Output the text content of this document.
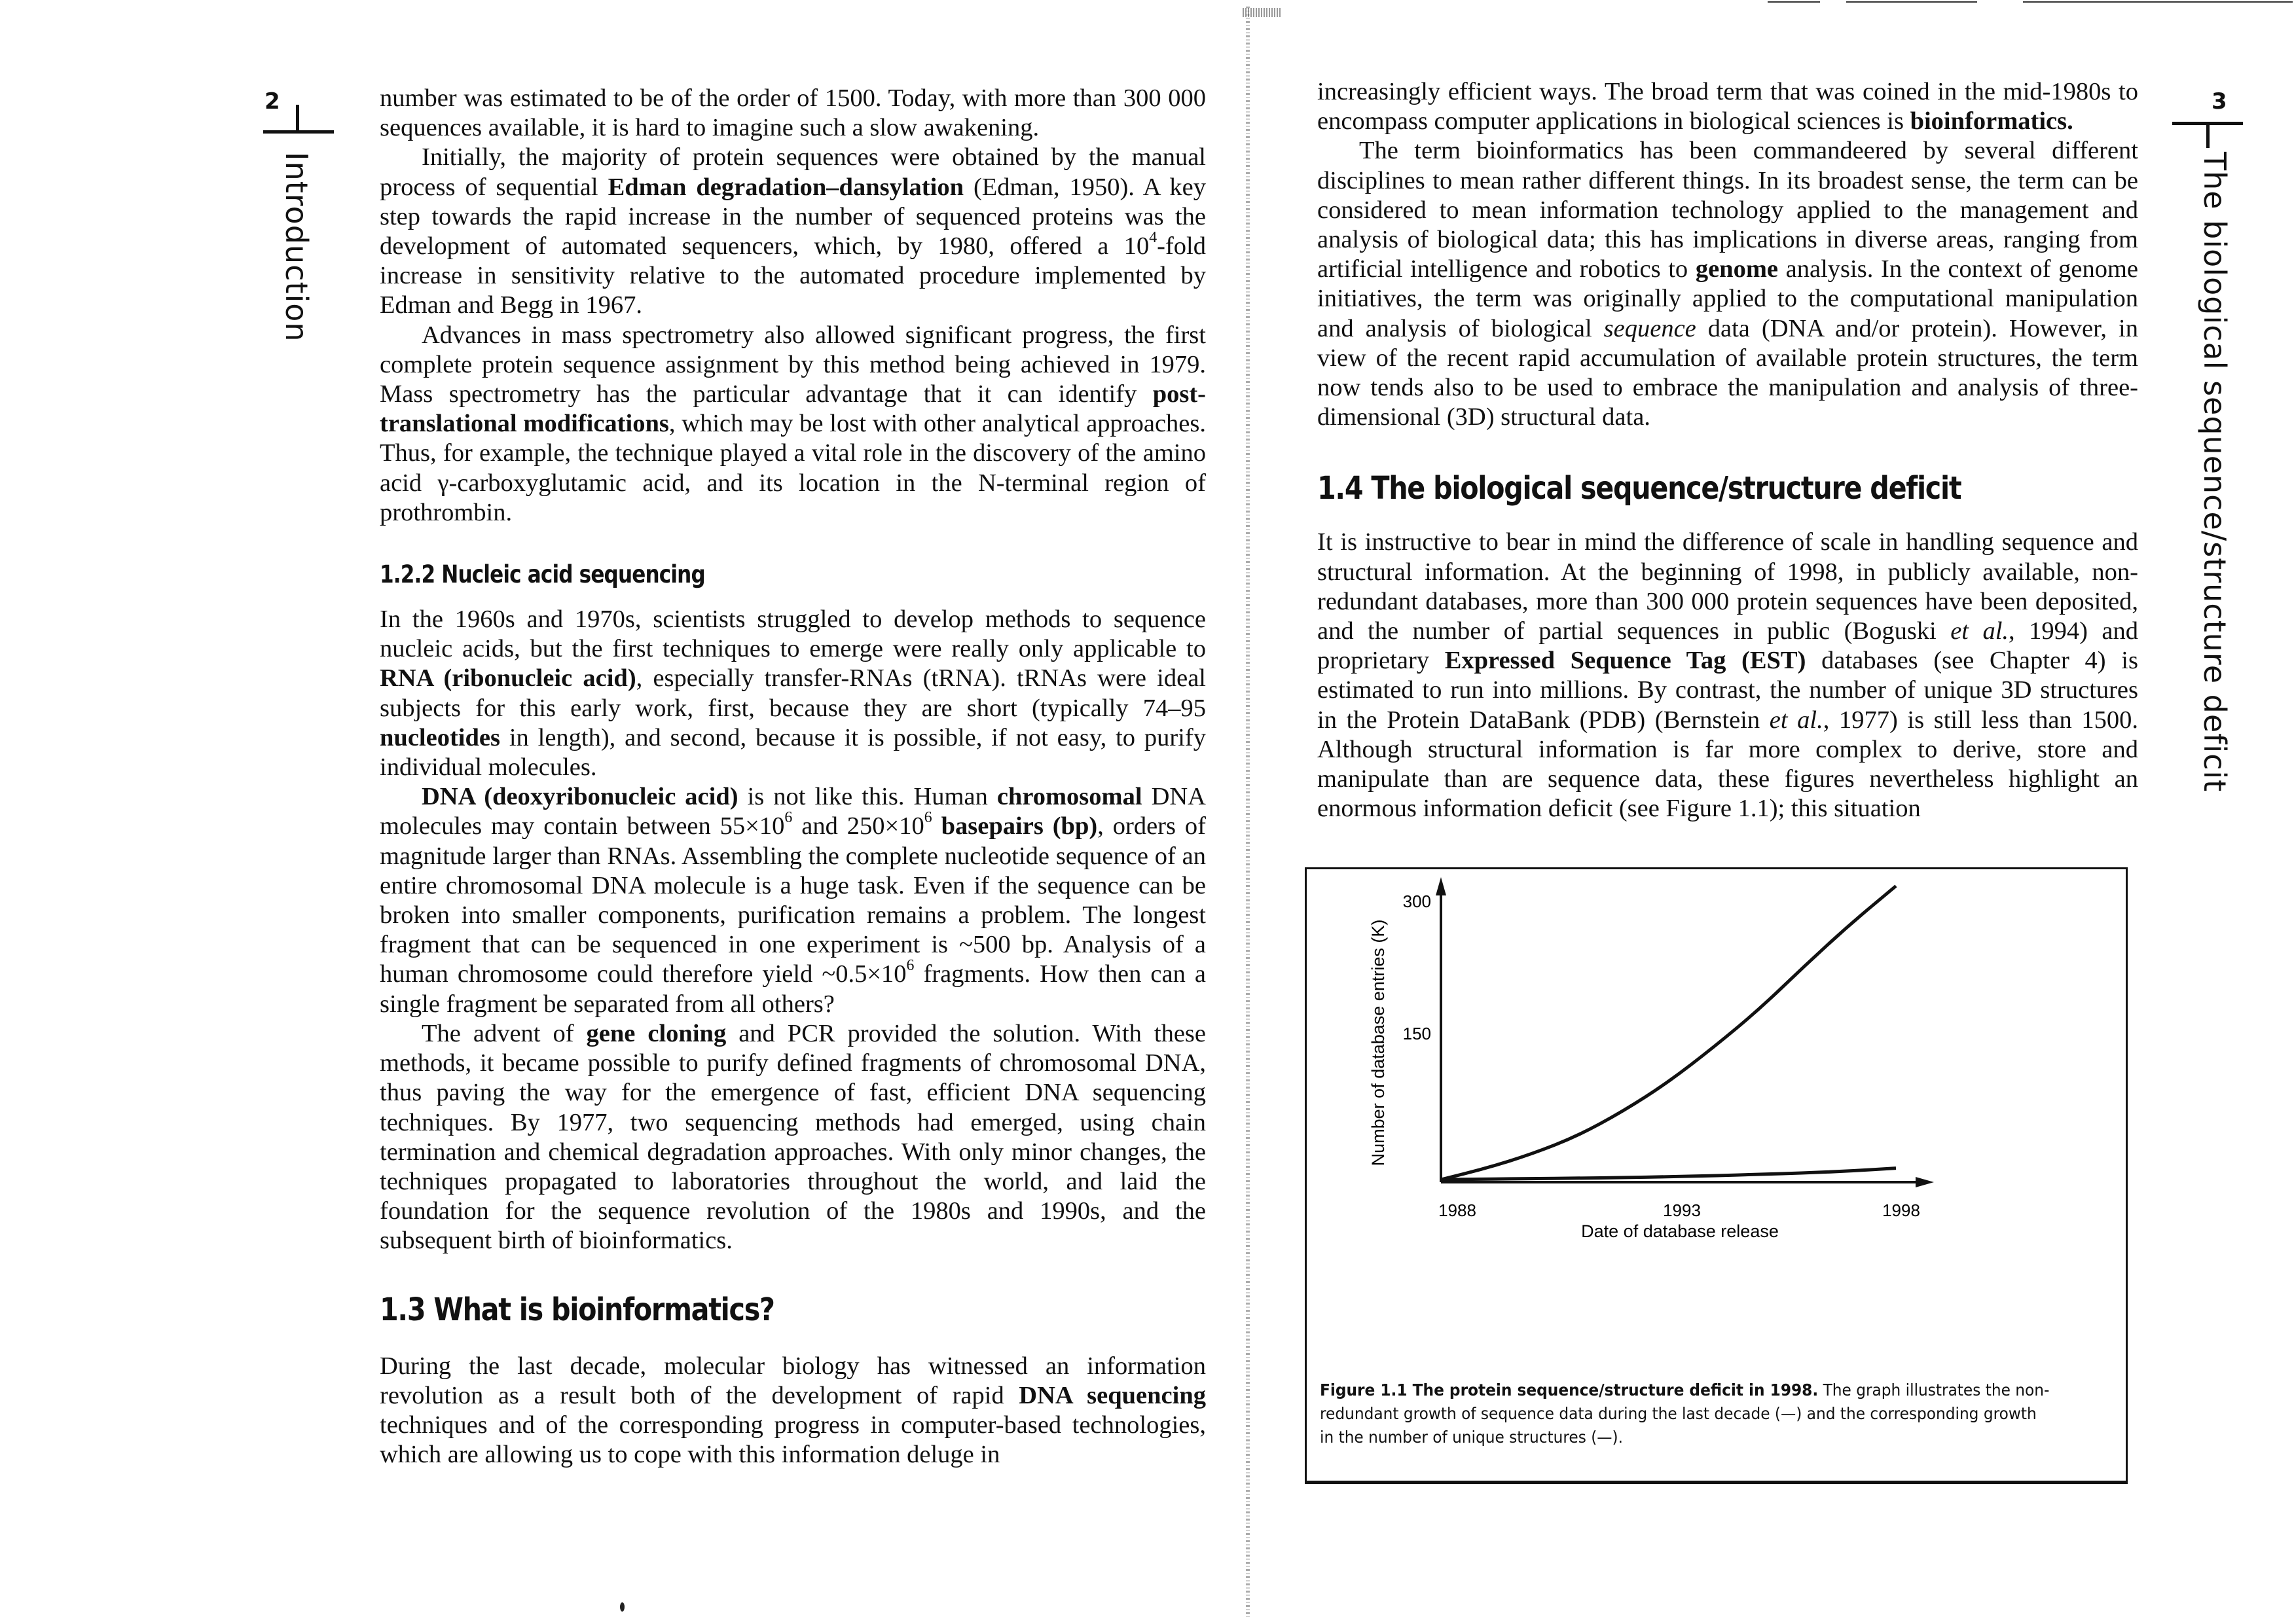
2
Introduction

number was estimated to be of the order of 1500. Today, with more than 300 000 sequences available, it is hard to imagine such a slow awakening.

Initially, the majority of protein sequences were obtained by the manual process of sequential Edman degradation–dansylation (Edman, 1950). A key step towards the rapid increase in the number of sequenced proteins was the development of automated sequencers, which, by 1980, offered a $10^4$-fold increase in sensitivity relative to the automated procedure implemented by Edman and Begg in 1967.

Advances in mass spectrometry also allowed significant progress, the first complete protein sequence assignment by this method being achieved in 1979. Mass spectrometry has the particular advantage that it can identify post-translational modifications, which may be lost with other analytical approaches. Thus, for example, the technique played a vital role in the discovery of the amino acid γ-carboxyglutamic acid, and its location in the N-terminal region of prothrombin.

1.2.2 Nucleic acid sequencing

In the 1960s and 1970s, scientists struggled to develop methods to sequence nucleic acids, but the first techniques to emerge were really only applicable to RNA (ribonucleic acid), especially transfer-RNAs (tRNA). tRNAs were ideal subjects for this early work, first, because they are short (typically 74–95 nucleotides in length), and second, because it is possible, if not easy, to purify individual molecules.

DNA (deoxyribonucleic acid) is not like this. Human chromosomal DNA molecules may contain between $55\times 10^6$ and $250\times 10^6$ basepairs (bp), orders of magnitude larger than RNAs. Assembling the complete nucleotide sequence of an entire chromosomal DNA molecule is a huge task. Even if the sequence can be broken into smaller components, purification remains a problem. The longest fragment that can be sequenced in one experiment is ~500 bp. Analysis of a human chromosome could therefore yield $\sim 0.5\times 10^6$ fragments. How then can a single fragment be separated from all others?

The advent of gene cloning and PCR provided the solution. With these methods, it became possible to purify defined fragments of chromosomal DNA, thus paving the way for the emergence of fast, efficient DNA sequencing techniques. By 1977, two sequencing methods had emerged, using chain termination and chemical degradation approaches. With only minor changes, the techniques propagated to laboratories throughout the world, and laid the foundation for the sequence revolution of the 1980s and 1990s, and the subsequent birth of bioinformatics.

1.3 What is bioinformatics?

During the last decade, molecular biology has witnessed an information revolution as a result both of the development of rapid DNA sequencing techniques and of the corresponding progress in computer-based technologies, which are allowing us to cope with this information deluge in

3
The biological sequence/structure deficit

increasingly efficient ways. The broad term that was coined in the mid-1980s to encompass computer applications in biological sciences is bioinformatics.

The term bioinformatics has been commandeered by several different disciplines to mean rather different things. In its broadest sense, the term can be considered to mean information technology applied to the management and analysis of biological data; this has implications in diverse areas, ranging from artificial intelligence and robotics to genome analysis. In the context of genome initiatives, the term was originally applied to the computational manipulation and analysis of biological sequence data (DNA and/or protein). However, in view of the recent rapid accumulation of available protein structures, the term now tends also to be used to embrace the manipulation and analysis of three-dimensional (3D) structural data.

1.4 The biological sequence/structure deficit

It is instructive to bear in mind the difference of scale in handling sequence and structural information. At the beginning of 1998, in publicly available, non-redundant databases, more than 300 000 protein sequences have been deposited, and the number of partial sequences in public (Boguski et al., 1994) and proprietary Expressed Sequence Tag (EST) databases (see Chapter 4) is estimated to run into millions. By contrast, the number of unique 3D structures in the Protein DataBank (PDB) (Bernstein et al., 1977) is still less than 1500. Although structural information is far more complex to derive, store and manipulate than are sequence data, these figures nevertheless highlight an enormous information deficit (see Figure 1.1); this situation

150
300
1988	1993	1998
Date of database release
Number of database entries (K)
Figure 1.1 The protein sequence/structure deficit in 1998. The graph illustrates the non-redundant growth of sequence data during the last decade (—) and the corresponding growth in the number of unique structures (—).
